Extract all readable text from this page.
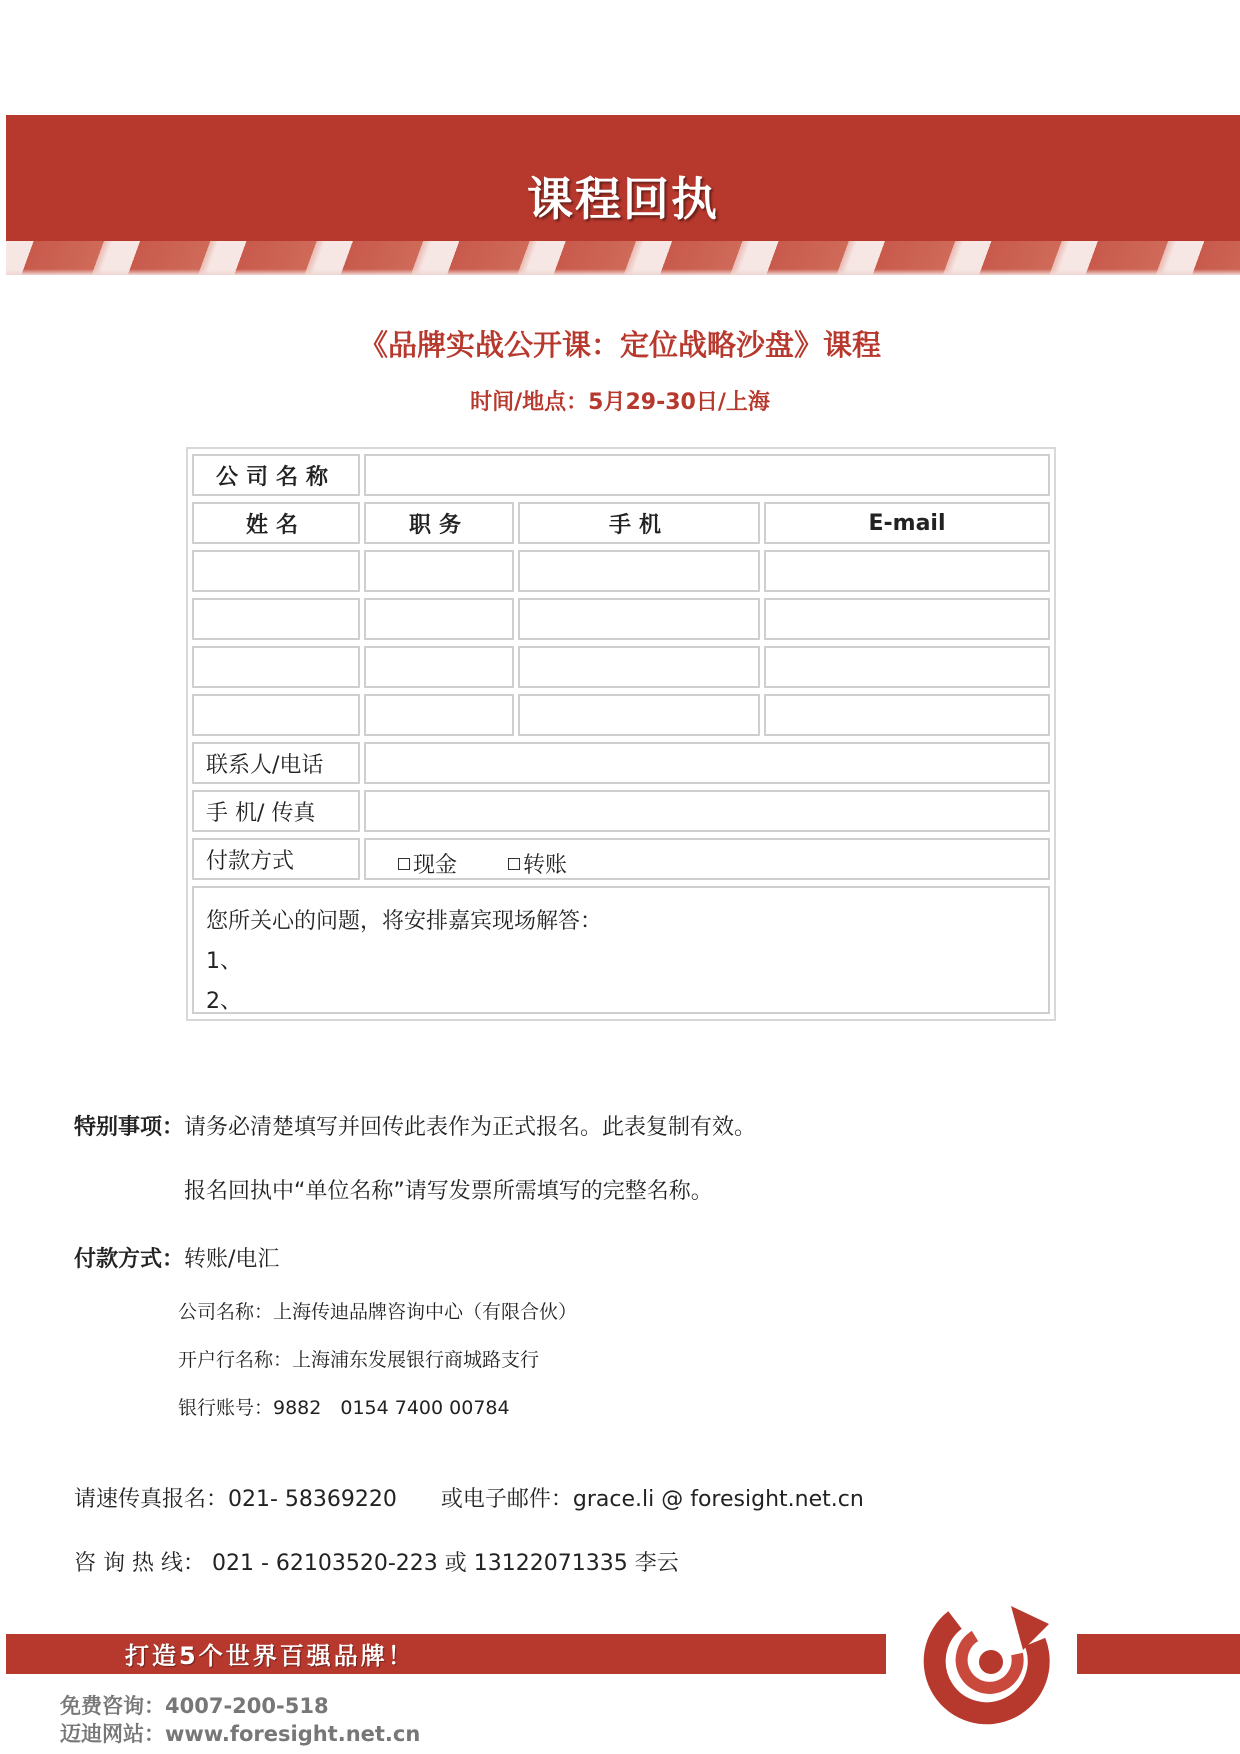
课程回执
《品牌实战公开课：定位战略沙盘》课程
时间/地点：5月29-30日/上海
公司名称
姓名	职务	手机	E-mail
联系人/电话
手 机/ 传真
付款方式	现金	转账
您所关心的问题，将安排嘉宾现场解答：
1、
2、
特别事项：请务必清楚填写并回传此表作为正式报名。此表复制有效。
报名回执中“单位名称”请写发票所需填写的完整名称。
付款方式：转账/电汇
公司名称：上海传迪品牌咨询中心（有限合伙）
开户行名称：上海浦东发展银行商城路支行
银行账号：9882　0154 7400 00784
请速传真报名：021- 58369220　　或电子邮件：grace.li @ foresight.net.cn
咨 询 热 线： 021 - 62103520-223 或 13122071335 李云
打造5个世界百强品牌！
免费咨询：4007-200-518
迈迪网站：www.foresight.net.cn
